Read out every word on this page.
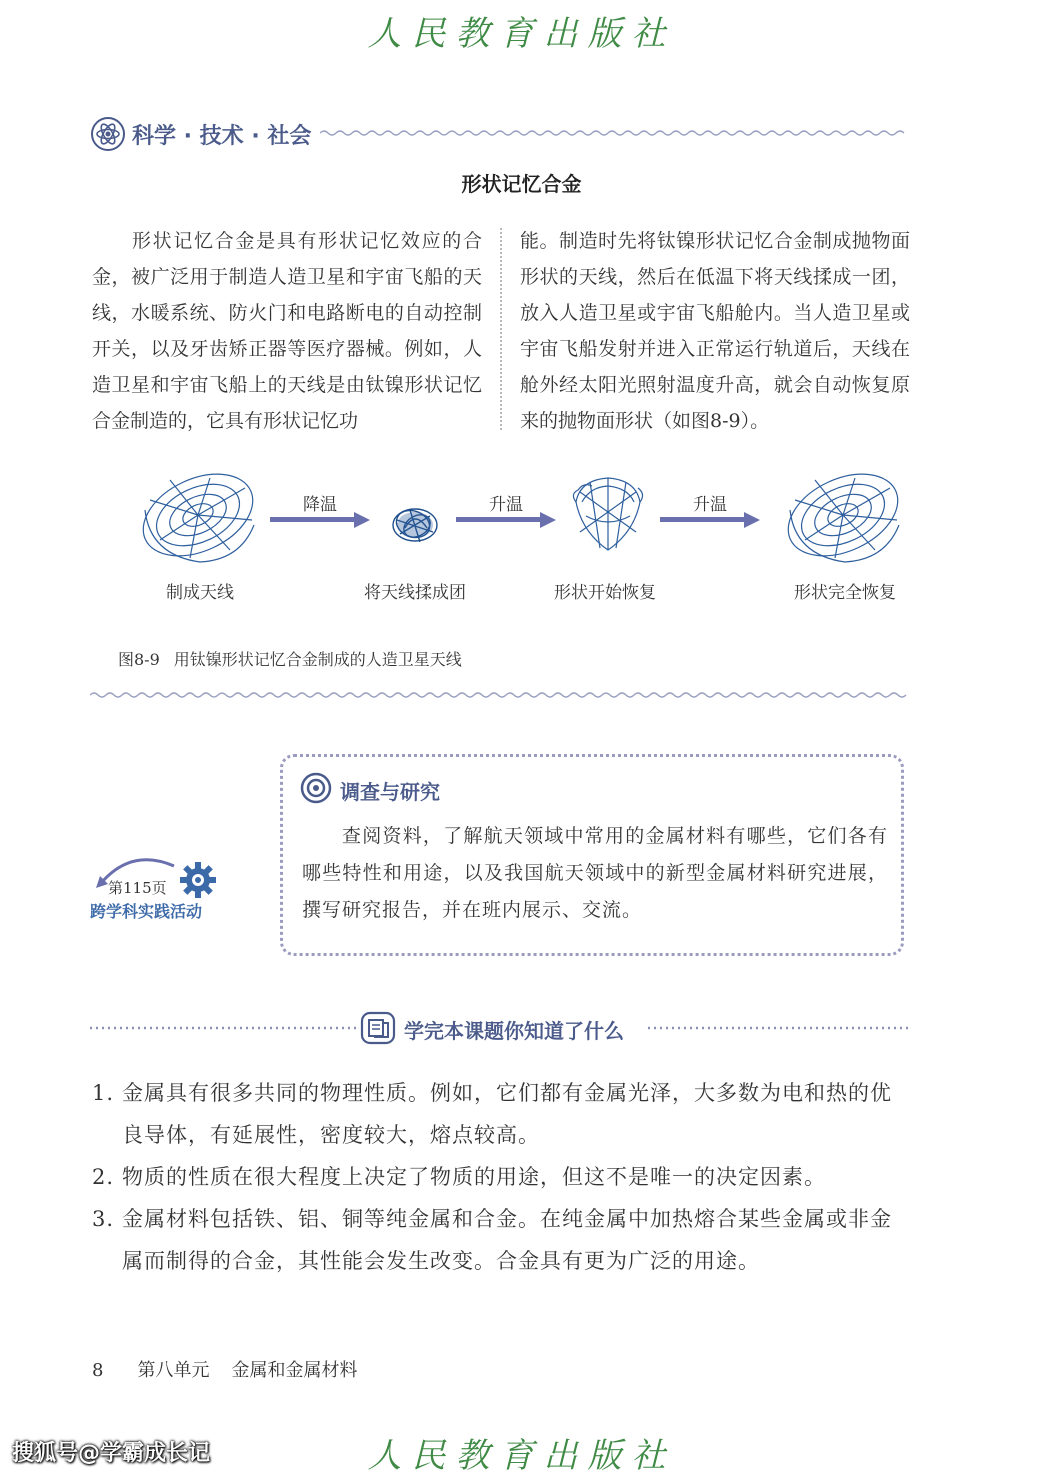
人民教育出版社
科学 · 技术 · 社会
形状记忆合金
形状记忆合金是具有形状记忆效应的合金，被广泛用于制造人造卫星和宇宙飞船的天线，水暖系统、防火门和电路断电的自动控制开关，以及牙齿矫正器等医疗器械。例如，人造卫星和宇宙飞船上的天线是由钛镍形状记忆合金制造的，它具有形状记忆功
能。制造时先将钛镍形状记忆合金制成抛物面形状的天线，然后在低温下将天线揉成一团，放入人造卫星或宇宙飞船舱内。当人造卫星或宇宙飞船发射并进入正常运行轨道后，天线在舱外经太阳光照射温度升高，就会自动恢复原来的抛物面形状（如图8-9）。
制成天线
降温
将天线揉成团
升温
形状开始恢复
升温
形状完全恢复
图8-9 用钛镍形状记忆合金制成的人造卫星天线
第115页
跨学科实践活动
调查与研究
查阅资料，了解航天领域中常用的金属材料有哪些，它们各有哪些特性和用途，以及我国航天领域中的新型金属材料研究进展，撰写研究报告，并在班内展示、交流。
学完本课题你知道了什么
1. 金属具有很多共同的物理性质。例如，它们都有金属光泽，大多数为电和热的优良导体，有延展性，密度较大，熔点较高。
2. 物质的性质在很大程度上决定了物质的用途，但这不是唯一的决定因素。
3. 金属材料包括铁、铝、铜等纯金属和合金。在纯金属中加热熔合某些金属或非金属而制得的合金，其性能会发生改变。合金具有更为广泛的用途。
8 第八单元 金属和金属材料
人民教育出版社
搜狐号@学霸成长记
